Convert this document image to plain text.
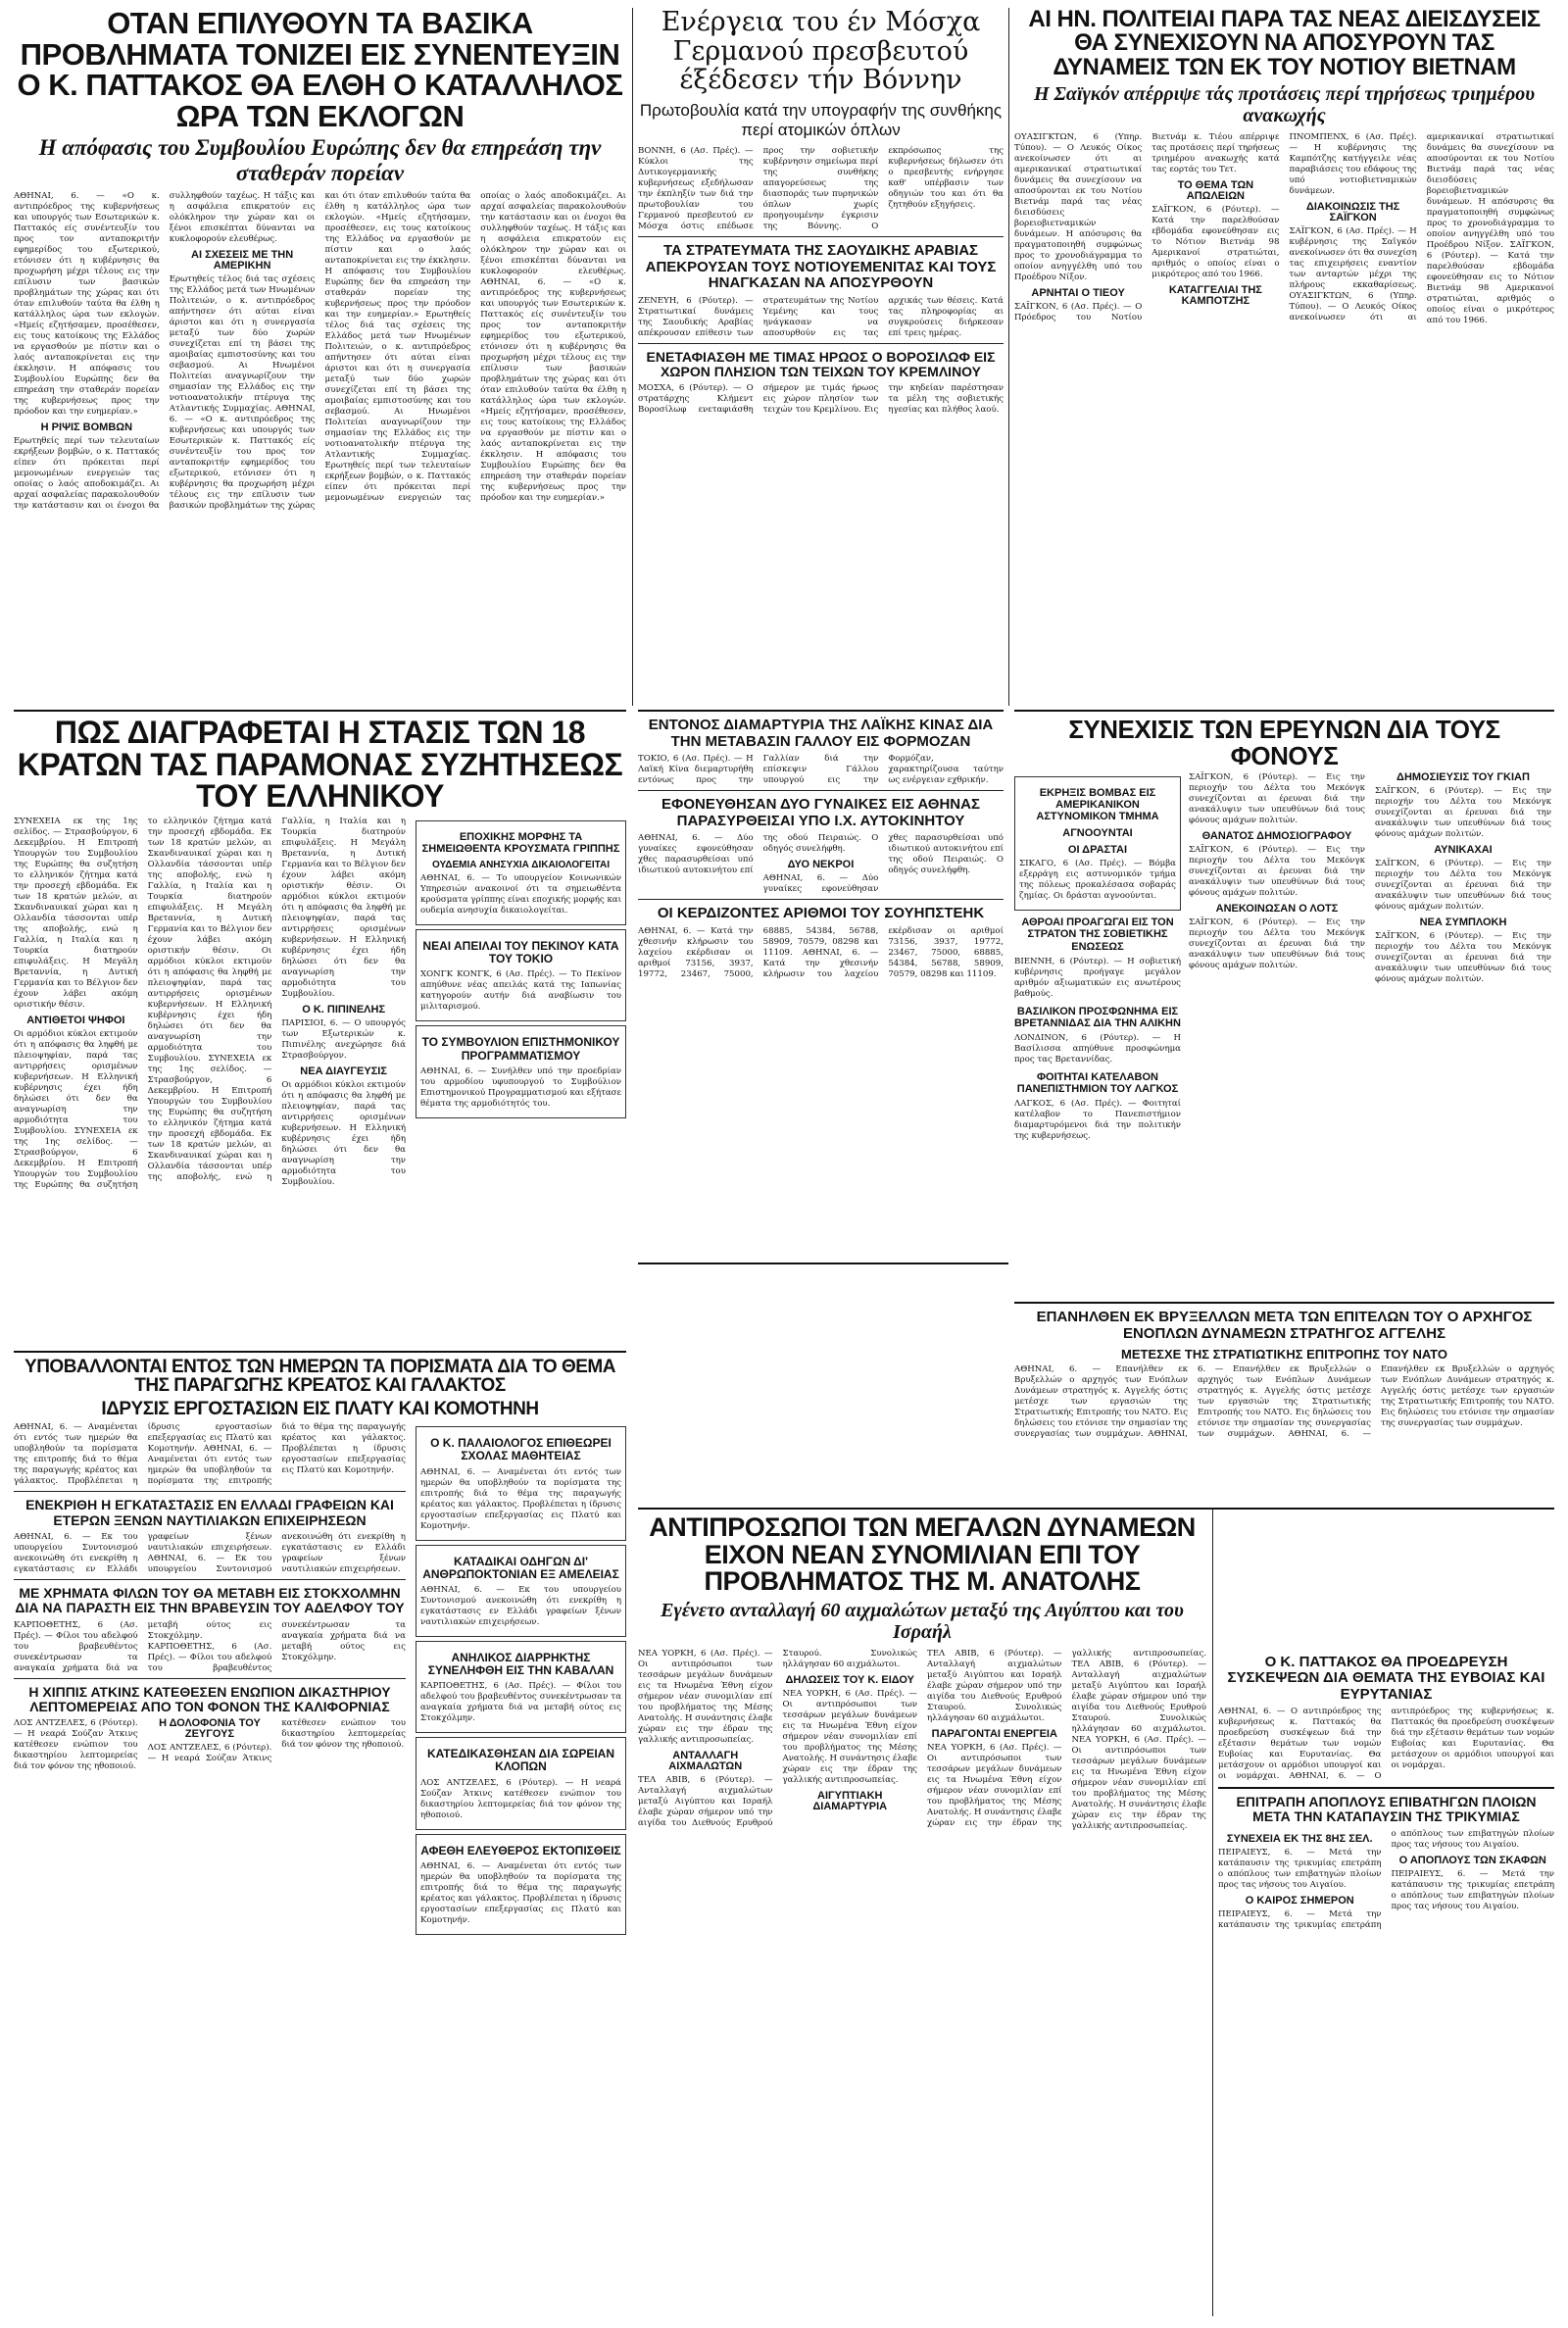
ΟΤΑΝ ΕΠΙΛΥΘΟΥΝ ΤΑ ΒΑΣΙΚΑ ΠΡΟΒΛΗΜΑΤΑ ΤΟΝΙΖΕΙ ΕΙΣ ΣΥΝΕΝΤΕΥΞΙΝ Ο Κ. ΠΑΤΤΑΚΟΣ ΘΑ ΕΛΘΗ Ο ΚΑΤΑΛΛΗΛΟΣ ΩΡΑ ΤΩΝ ΕΚΛΟΓΩΝ
Η απόφασις του Συμβουλίου Ευρώπης δεν θα επηρεάση την σταθεράν πορείαν
ΑΘΗΝΑΙ, 6. — «Ο κ. αντιπρόεδρος της κυβερνήσεως και υπουργός των Εσωτερικών κ. Παττακός είς συνέντευξίν του προς τον ανταποκριτήν εφημερίδος του εξωτερικού, ετόνισεν ότι η κυβέρνησις θα προχωρήση μέχρι τέλους εις την επίλυσιν των βασικών προβλημάτων της χώρας και ότι όταν επιλυθούν ταύτα θα έλθη η κατάλληλος ώρα των εκλογών. «Ημείς εζητήσαμεν, προσέθεσεν, εις τους κατοίκους της Ελλάδος να εργασθούν με πίστιν και ο λαός ανταποκρίνεται εις την έκκλησιν. Η απόφασις του Συμβουλίου Ευρώπης δεν θα επηρεάση την σταθεράν πορείαν της κυβερνήσεως προς την πρόοδον και την ευημερίαν.»
Η ΡΙΨΙΣ ΒΟΜΒΩΝ
Ερωτηθείς περί των τελευταίων εκρήξεων βομβών, ο κ. Παττακός είπεν ότι πρόκειται περί μεμονωμένων ενεργειών τας οποίας ο λαός αποδοκιμάζει. Αι αρχαί ασφαλείας παρακολουθούν την κατάστασιν και οι ένοχοι θα συλληφθούν ταχέως. Η τάξις και η ασφάλεια επικρατούν εις ολόκληρον την χώραν και οι ξένοι επισκέπται δύνανται να κυκλοφορούν ελευθέρως.
ΑΙ ΣΧΕΣΕΙΣ ΜΕ ΤΗΝ ΑΜΕΡΙΚΗΝ
Ερωτηθείς τέλος διά τας σχέσεις της Ελλάδος μετά των Ηνωμένων Πολιτειών, ο κ. αντιπρόεδρος απήντησεν ότι αύται είναι άριστοι και ότι η συνεργασία μεταξύ των δύο χωρών συνεχίζεται επί τη βάσει της αμοιβαίας εμπιστοσύνης και του σεβασμού. Αι Ηνωμένοι Πολιτείαι αναγνωρίζουν την σημασίαν της Ελλάδος εις την νοτιοανατολικήν πτέρυγα της Ατλαντικής Συμμαχίας. ΑΘΗΝΑΙ, 6. — «Ο κ. αντιπρόεδρος της κυβερνήσεως και υπουργός των Εσωτερικών κ. Παττακός είς συνέντευξίν του προς τον ανταποκριτήν εφημερίδος του εξωτερικού, ετόνισεν ότι η κυβέρνησις θα προχωρήση μέχρι τέλους εις την επίλυσιν των βασικών προβλημάτων της χώρας και ότι όταν επιλυθούν ταύτα θα έλθη η κατάλληλος ώρα των εκλογών. «Ημείς εζητήσαμεν, προσέθεσεν, εις τους κατοίκους της Ελλάδος να εργασθούν με πίστιν και ο λαός ανταποκρίνεται εις την έκκλησιν. Η απόφασις του Συμβουλίου Ευρώπης δεν θα επηρεάση την σταθεράν πορείαν της κυβερνήσεως προς την πρόοδον και την ευημερίαν.» Ερωτηθείς τέλος διά τας σχέσεις της Ελλάδος μετά των Ηνωμένων Πολιτειών, ο κ. αντιπρόεδρος απήντησεν ότι αύται είναι άριστοι και ότι η συνεργασία μεταξύ των δύο χωρών συνεχίζεται επί τη βάσει της αμοιβαίας εμπιστοσύνης και του σεβασμού. Αι Ηνωμένοι Πολιτείαι αναγνωρίζουν την σημασίαν της Ελλάδος εις την νοτιοανατολικήν πτέρυγα της Ατλαντικής Συμμαχίας. Ερωτηθείς περί των τελευταίων εκρήξεων βομβών, ο κ. Παττακός είπεν ότι πρόκειται περί μεμονωμένων ενεργειών τας οποίας ο λαός αποδοκιμάζει. Αι αρχαί ασφαλείας παρακολουθούν την κατάστασιν και οι ένοχοι θα συλληφθούν ταχέως. Η τάξις και η ασφάλεια επικρατούν εις ολόκληρον την χώραν και οι ξένοι επισκέπται δύνανται να κυκλοφορούν ελευθέρως. ΑΘΗΝΑΙ, 6. — «Ο κ. αντιπρόεδρος της κυβερνήσεως και υπουργός των Εσωτερικών κ. Παττακός είς συνέντευξίν του προς τον ανταποκριτήν εφημερίδος του εξωτερικού, ετόνισεν ότι η κυβέρνησις θα προχωρήση μέχρι τέλους εις την επίλυσιν των βασικών προβλημάτων της χώρας και ότι όταν επιλυθούν ταύτα θα έλθη η κατάλληλος ώρα των εκλογών. «Ημείς εζητήσαμεν, προσέθεσεν, εις τους κατοίκους της Ελλάδος να εργασθούν με πίστιν και ο λαός ανταποκρίνεται εις την έκκλησιν. Η απόφασις του Συμβουλίου Ευρώπης δεν θα επηρεάση την σταθεράν πορείαν της κυβερνήσεως προς την πρόοδον και την ευημερίαν.»
Ενέργεια του έν Μόσχα Γερμανού πρεσβευτού έξέδεσεν τήν Βόννην
Πρωτοβουλία κατά την υπογραφήν της συνθήκης περί ατομικών όπλων
ΒΟΝΝΗ, 6 (Ασ. Πρές). — Κύκλοι της Δυτικογερμανικής κυβερνήσεως εξεδήλωσαν την έκπληξίν των διά την πρωτοβουλίαν του Γερμανού πρεσβευτού εν Μόσχα όστις επέδωσε προς την σοβιετικήν κυβέρνησιν σημείωμα περί της συνθήκης απαγορεύσεως της διασποράς των πυρηνικών όπλων χωρίς προηγουμένην έγκρισιν της Βόννης. Ο εκπρόσωπος της κυβερνήσεως δήλωσεν ότι ο πρεσβευτής ενήργησε καθ' υπέρβασιν των οδηγιών του και ότι θα ζητηθούν εξηγήσεις.
ΤΑ ΣΤΡΑΤΕΥΜΑΤΑ ΤΗΣ ΣΑΟΥΔΙΚΗΣ ΑΡΑΒΙΑΣ ΑΠΕΚΡΟΥΣΑΝ ΤΟΥΣ ΝΟΤΙΟΥΕΜΕΝΙΤΑΣ ΚΑΙ ΤΟΥΣ ΗΝΑΓΚΑΣΑΝ ΝΑ ΑΠΟΣΥΡΘΟΥΝ
ΖΕΝΕΥΗ, 6 (Ρόυτερ). — Στρατιωτικαί δυνάμεις της Σαουδικής Αραβίας απέκρουσαν επίθεσιν των στρατευμάτων της Νοτίου Υεμένης και τους ηνάγκασαν να αποσυρθούν εις τας αρχικάς των θέσεις. Κατά τας πληροφορίας αι συγκρούσεις διήρκεσαν επί τρεις ημέρας.
ΕΝΕΤΑΦΙΑΣΘΗ ΜΕ ΤΙΜΑΣ ΗΡΩΟΣ Ο ΒΟΡΟΣΙΛΩΦ ΕΙΣ ΧΩΡΟΝ ΠΛΗΣΙΟΝ ΤΩΝ ΤΕΙΧΩΝ ΤΟΥ ΚΡΕΜΛΙΝΟΥ
ΜΟΣΧΑ, 6 (Ρόυτερ). — Ο στρατάρχης Κλήμεντ Βοροσίλωφ ενεταφιάσθη σήμερον με τιμάς ήρωος εις χώρον πλησίον των τειχών του Κρεμλίνου. Εις την κηδείαν παρέστησαν τα μέλη της σοβιετικής ηγεσίας και πλήθος λαού.
ΑΙ ΗΝ. ΠΟΛΙΤΕΙΑΙ ΠΑΡΑ ΤΑΣ ΝΕΑΣ ΔΙΕΙΣΔΥΣΕΙΣ ΘΑ ΣΥΝΕΧΙΣΟΥΝ ΝΑ ΑΠΟΣΥΡΟΥΝ ΤΑΣ ΔΥΝΑΜΕΙΣ ΤΩΝ ΕΚ ΤΟΥ ΝΟΤΙΟΥ ΒΙΕΤΝΑΜ
Η Σαϊγκόν απέρριψε τάς προτάσεις περί τηρήσεως τριημέρου ανακωχής
ΟΥΑΣΙΓΚΤΩΝ, 6 (Υπηρ. Τύπου). — Ο Λευκός Οίκος ανεκοίνωσεν ότι αι αμερικανικαί στρατιωτικαί δυνάμεις θα συνεχίσουν να αποσύρονται εκ του Νοτίου Βιετνάμ παρά τας νέας διεισδύσεις βορειοβιετναμικών δυνάμεων. Η απόσυρσις θα πραγματοποιηθή συμφώνως προς το χρονοδιάγραμμα το οποίον ανηγγέλθη υπό του Προέδρου Νίξον.
ΑΡΝΗΤΑΙ Ο ΤΙΕΟΥ
ΣΑΪΓΚΟΝ, 6 (Ασ. Πρές). — Ο Πρόεδρος του Νοτίου Βιετνάμ κ. Τιέου απέρριψε τας προτάσεις περί τηρήσεως τριημέρου ανακωχής κατά τας εορτάς του Τετ.
ΤΟ ΘΕΜΑ ΤΩΝ ΑΠΩΛΕΙΩΝ
ΣΑΪΓΚΟΝ, 6 (Ρόυτερ). — Κατά την παρελθούσαν εβδομάδα εφονεύθησαν εις το Νότιον Βιετνάμ 98 Αμερικανοί στρατιώται, αριθμός ο οποίος είναι ο μικρότερος από του 1966.
ΚΑΤΑΓΓΕΛΙΑΙ ΤΗΣ ΚΑΜΠΟΤΖΗΣ
ΠΝΟΜΠΕΝΧ, 6 (Ασ. Πρές). — Η κυβέρνησις της Καμπότζης κατήγγειλε νέας παραβιάσεις του εδάφους της υπό νοτιοβιετναμικών δυνάμεων.
ΔΙΑΚΟΙΝΩΣΙΣ ΤΗΣ ΣΑΪΓΚΟΝ
ΣΑΪΓΚΟΝ, 6 (Ασ. Πρές). — Η κυβέρνησις της Σαϊγκόν ανεκοίνωσεν ότι θα συνεχίση τας επιχειρήσεις εναντίον των ανταρτών μέχρι της πλήρους εκκαθαρίσεως. ΟΥΑΣΙΓΚΤΩΝ, 6 (Υπηρ. Τύπου). — Ο Λευκός Οίκος ανεκοίνωσεν ότι αι αμερικανικαί στρατιωτικαί δυνάμεις θα συνεχίσουν να αποσύρονται εκ του Νοτίου Βιετνάμ παρά τας νέας διεισδύσεις βορειοβιετναμικών δυνάμεων. Η απόσυρσις θα πραγματοποιηθή συμφώνως προς το χρονοδιάγραμμα το οποίον ανηγγέλθη υπό του Προέδρου Νίξον. ΣΑΪΓΚΟΝ, 6 (Ρόυτερ). — Κατά την παρελθούσαν εβδομάδα εφονεύθησαν εις το Νότιον Βιετνάμ 98 Αμερικανοί στρατιώται, αριθμός ο οποίος είναι ο μικρότερος από του 1966.
ΠΩΣ ΔΙΑΓΡΑΦΕΤΑΙ Η ΣΤΑΣΙΣ ΤΩΝ 18 ΚΡΑΤΩΝ ΤΑΣ ΠΑΡΑΜΟΝΑΣ ΣΥΖΗΤΗΣΕΩΣ ΤΟΥ ΕΛΛΗΝΙΚΟΥ
ΣΥΝΕΧΕΙΑ εκ της 1ης σελίδος. — Στρασβούργον, 6 Δεκεμβρίου. Η Επιτροπή Υπουργών του Συμβουλίου της Ευρώπης θα συζητήση το ελληνικόν ζήτημα κατά την προσεχή εβδομάδα. Εκ των 18 κρατών μελών, αι Σκανδιναυικαί χώραι και η Ολλανδία τάσσονται υπέρ της αποβολής, ενώ η Γαλλία, η Ιταλία και η Τουρκία διατηρούν επιφυλάξεις. Η Μεγάλη Βρεταννία, η Δυτική Γερμανία και το Βέλγιον δεν έχουν λάβει ακόμη οριστικήν θέσιν.
ΑΝΤΙΘΕΤΟΙ ΨΗΦΟΙ
Οι αρμόδιοι κύκλοι εκτιμούν ότι η απόφασις θα ληφθή με πλειοψηφίαν, παρά τας αντιρρήσεις ορισμένων κυβερνήσεων. Η Ελληνική κυβέρνησις έχει ήδη δηλώσει ότι δεν θα αναγνωρίση την αρμοδιότητα του Συμβουλίου. ΣΥΝΕΧΕΙΑ εκ της 1ης σελίδος. — Στρασβούργον, 6 Δεκεμβρίου. Η Επιτροπή Υπουργών του Συμβουλίου της Ευρώπης θα συζητήση το ελληνικόν ζήτημα κατά την προσεχή εβδομάδα. Εκ των 18 κρατών μελών, αι Σκανδιναυικαί χώραι και η Ολλανδία τάσσονται υπέρ της αποβολής, ενώ η Γαλλία, η Ιταλία και η Τουρκία διατηρούν επιφυλάξεις. Η Μεγάλη Βρεταννία, η Δυτική Γερμανία και το Βέλγιον δεν έχουν λάβει ακόμη οριστικήν θέσιν.	Οι αρμόδιοι κύκλοι εκτιμούν ότι η απόφασις θα ληφθή με πλειοψηφίαν, παρά τας αντιρρήσεις ορισμένων κυβερνήσεων. Η Ελληνική κυβέρνησις έχει ήδη δηλώσει ότι δεν θα αναγνωρίση την αρμοδιότητα του Συμβουλίου. ΣΥΝΕΧΕΙΑ εκ της 1ης σελίδος. — Στρασβούργον, 6 Δεκεμβρίου. Η Επιτροπή Υπουργών του Συμβουλίου της Ευρώπης θα συζητήση το ελληνικόν ζήτημα κατά την προσεχή εβδομάδα. Εκ των 18 κρατών μελών, αι Σκανδιναυικαί χώραι και η Ολλανδία τάσσονται υπέρ της αποβολής, ενώ η Γαλλία, η Ιταλία και η Τουρκία διατηρούν επιφυλάξεις. Η Μεγάλη Βρεταννία, η Δυτική Γερμανία και το Βέλγιον δεν έχουν λάβει ακόμη οριστικήν θέσιν.	Οι αρμόδιοι κύκλοι εκτιμούν ότι η απόφασις θα ληφθή με πλειοψηφίαν, παρά τας αντιρρήσεις ορισμένων κυβερνήσεων. Η Ελληνική κυβέρνησις έχει ήδη δηλώσει ότι δεν θα αναγνωρίση την αρμοδιότητα του Συμβουλίου.
Ο Κ. ΠΙΠΙΝΕΛΗΣ
ΠΑΡΙΣΙΟΙ, 6. — Ο υπουργός των Εξωτερικών κ. Πιπινέλης ανεχώρησε διά Στρασβούργον.
ΝΕΑ ΔΙΑΥΓΕΥΣΙΣ
Οι αρμόδιοι κύκλοι εκτιμούν ότι η απόφασις θα ληφθή με πλειοψηφίαν, παρά τας αντιρρήσεις ορισμένων κυβερνήσεων. Η Ελληνική κυβέρνησις έχει ήδη δηλώσει ότι δεν θα αναγνωρίση την αρμοδιότητα του Συμβουλίου.
ΕΠΟΧΙΚΗΣ ΜΟΡΦΗΣ ΤΑ ΣΗΜΕΙΩΘΕΝΤΑ ΚΡΟΥΣΜΑΤΑ ΓΡΙΠΠΗΣ
ΟΥΔΕΜΙΑ ΑΝΗΣΥΧΙΑ ΔΙΚΑΙΟΛΟΓΕΙΤΑΙ
ΑΘΗΝΑΙ, 6. — Το υπουργείον Κοινωνικών Υπηρεσιών ανακοινοί ότι τα σημειωθέντα κρούσματα γρίππης είναι εποχικής μορφής και ουδεμία ανησυχία δικαιολογείται.
ΝΕΑΙ ΑΠΕΙΛΑΙ ΤΟΥ ΠΕΚΙΝΟΥ ΚΑΤΑ ΤΟΥ ΤΟΚΙΟ
ΧΟΝΓΚ ΚΟΝΓΚ, 6 (Ασ. Πρές). — Το Πεκίνον απηύθυνε νέας απειλάς κατά της Ιαπωνίας κατηγορούν αυτήν διά αναβίωσιν του μιλιταρισμού.
ΤΟ ΣΥΜΒΟΥΛΙΟΝ ΕΠΙΣΤΗΜΟΝΙΚΟΥ ΠΡΟΓΡΑΜΜΑΤΙΣΜΟΥ
ΑΘΗΝΑΙ, 6. — Συνήλθεν υπό την προεδρίαν του αρμοδίου υφυπουργού το Συμβούλιον Επιστημονικού Προγραμματισμού και εξήτασε θέματα της αρμοδιότητός του.
ΕΝΤΟΝΟΣ ΔΙΑΜΑΡΤΥΡΙΑ ΤΗΣ ΛΑΪΚΗΣ ΚΙΝΑΣ ΔΙΑ ΤΗΝ ΜΕΤΑΒΑΣΙΝ ΓΑΛΛΟΥ ΕΙΣ ΦΟΡΜΟΖΑΝ
ΤΟΚΙΟ, 6 (Ασ. Πρές). — Η Λαϊκή Κίνα διεμαρτυρήθη εντόνως προς την Γαλλίαν διά την επίσκεψιν Γάλλου υπουργού εις την Φορμόζαν, χαρακτηρίζουσα ταύτην ως ενέργειαν εχθρικήν.
ΕΦΟΝΕΥΘΗΣΑΝ ΔΥΟ ΓΥΝΑΙΚΕΣ ΕΙΣ ΑΘΗΝΑΣ ΠΑΡΑΣΥΡΘΕΙΣΑΙ ΥΠΟ Ι.Χ. ΑΥΤΟΚΙΝΗΤΟΥ
ΑΘΗΝΑΙ, 6. — Δύο γυναίκες εφονεύθησαν χθες παρασυρθείσαι υπό ιδιωτικού αυτοκινήτου επί της οδού Πειραιώς. Ο οδηγός συνελήφθη.
ΔΥΟ ΝΕΚΡΟΙ
ΑΘΗΝΑΙ, 6. — Δύο γυναίκες εφονεύθησαν χθες παρασυρθείσαι υπό ιδιωτικού αυτοκινήτου επί της οδού Πειραιώς. Ο οδηγός συνελήφθη.
ΟΙ ΚΕΡΔΙΖΟΝΤΕΣ ΑΡΙΘΜΟΙ ΤΟΥ ΣΟΥΗΠΣΤΕΗΚ
ΑΘΗΝΑΙ, 6. — Κατά την χθεσινήν κλήρωσιν του λαχείου εκέρδισαν οι αριθμοί 73156, 3937, 19772, 23467, 75000, 68885, 54384, 56788, 58909, 70579, 08298 και 11109. ΑΘΗΝΑΙ, 6. — Κατά την χθεσινήν κλήρωσιν του λαχείου εκέρδισαν οι αριθμοί 73156, 3937, 19772, 23467, 75000, 68885, 54384, 56788, 58909, 70579, 08298 και 11109.
ΣΥΝΕΧΙΣΙΣ ΤΩΝ ΕΡΕΥΝΩΝ ΔΙΑ ΤΟΥΣ ΦΟΝΟΥΣ
ΕΚΡΗΞΙΣ ΒΟΜΒΑΣ ΕΙΣ ΑΜΕΡΙΚΑΝΙΚΟΝ ΑΣΤΥΝΟΜΙΚΟΝ ΤΜΗΜΑ
ΑΓΝΟΟΥΝΤΑΙ
ΟΙ ΔΡΑΣΤΑΙ
ΣΙΚΑΓΟ, 6 (Ασ. Πρές). — Βόμβα εξερράγη εις αστυνομικόν τμήμα της πόλεως προκαλέσασα σοβαράς ζημίας. Οι δράσται αγνοούνται.
ΑΘΡΟΑΙ ΠΡΟΑΓΩΓΑΙ ΕΙΣ ΤΟΝ ΣΤΡΑΤΟΝ ΤΗΣ ΣΟΒΙΕΤΙΚΗΣ ΕΝΩΣΕΩΣ
ΒΙΕΝΝΗ, 6 (Ρόυτερ). — Η σοβιετική κυβέρνησις προήγαγε μεγάλον αριθμόν αξιωματικών εις ανωτέρους βαθμούς.
ΒΑΣΙΛΙΚΟΝ ΠΡΟΣΦΩΝΗΜΑ ΕΙΣ ΒΡΕΤΑΝΝΙΔΑΣ ΔΙΑ ΤΗΝ ΑΛΙΚΗΝ
ΛΟΝΔΙΝΟΝ, 6 (Ρόυτερ). — Η Βασίλισσα απηύθυνε προσφώνημα προς τας Βρεταννίδας.
ΦΟΙΤΗΤΑΙ ΚΑΤΕΛΑΒΟΝ ΠΑΝΕΠΙΣΤΗΜΙΟΝ ΤΟΥ ΛΑΓΚΟΣ
ΛΑΓΚΟΣ, 6 (Ασ. Πρές). — Φοιτηταί κατέλαβον το Πανεπιστήμιον διαμαρτυρόμενοι διά την πολιτικήν της κυβερνήσεως.
ΣΑΪΓΚΟΝ, 6 (Ρόυτερ). — Εις την περιοχήν του Δέλτα του Μεκόνγκ συνεχίζονται αι έρευναι διά την ανακάλυψιν των υπευθύνων διά τους φόνους αμάχων πολιτών.
ΘΑΝΑΤΟΣ ΔΗΜΟΣΙΟΓΡΑΦΟΥ
ΣΑΪΓΚΟΝ, 6 (Ρόυτερ). — Εις την περιοχήν του Δέλτα του Μεκόνγκ συνεχίζονται αι έρευναι διά την ανακάλυψιν των υπευθύνων διά τους φόνους αμάχων πολιτών.
ΑΝΕΚΟΙΝΩΣΑΝ Ο ΛΟΤΣ
ΣΑΪΓΚΟΝ, 6 (Ρόυτερ). — Εις την περιοχήν του Δέλτα του Μεκόνγκ συνεχίζονται αι έρευναι διά την ανακάλυψιν των υπευθύνων διά τους φόνους αμάχων πολιτών.
ΔΗΜΟΣΙΕΥΣΙΣ ΤΟΥ ΓΚΙΑΠ
ΣΑΪΓΚΟΝ, 6 (Ρόυτερ). — Εις την περιοχήν του Δέλτα του Μεκόνγκ συνεχίζονται αι έρευναι διά την ανακάλυψιν των υπευθύνων διά τους φόνους αμάχων πολιτών.
ΑΥΝΙΚΑΧΑΙ
ΣΑΪΓΚΟΝ, 6 (Ρόυτερ). — Εις την περιοχήν του Δέλτα του Μεκόνγκ συνεχίζονται αι έρευναι διά την ανακάλυψιν των υπευθύνων διά τους φόνους αμάχων πολιτών.
ΝΕΑ ΣΥΜΠΛΟΚΗ
ΣΑΪΓΚΟΝ, 6 (Ρόυτερ). — Εις την περιοχήν του Δέλτα του Μεκόνγκ συνεχίζονται αι έρευναι διά την ανακάλυψιν των υπευθύνων διά τους φόνους αμάχων πολιτών.
ΥΠΟΒΑΛΛΟΝΤΑΙ ΕΝΤΟΣ ΤΩΝ ΗΜΕΡΩΝ ΤΑ ΠΟΡΙΣΜΑΤΑ ΔΙΑ ΤΟ ΘΕΜΑ ΤΗΣ ΠΑΡΑΓΩΓΗΣ ΚΡΕΑΤΟΣ ΚΑΙ ΓΑΛΑΚΤΟΣ
ΙΔΡΥΣΙΣ ΕΡΓΟΣΤΑΣΙΩΝ ΕΙΣ ΠΛΑΤΥ ΚΑΙ ΚΟΜΟΤΗΝΗ
ΑΘΗΝΑΙ, 6. — Αναμένεται ότι εντός των ημερών θα υποβληθούν τα πορίσματα της επιτροπής διά το θέμα της παραγωγής κρέατος και γάλακτος. Προβλέπεται η ίδρυσις εργοστασίων επεξεργασίας εις Πλατύ και Κομοτηνήν. ΑΘΗΝΑΙ, 6. — Αναμένεται ότι εντός των ημερών θα υποβληθούν τα πορίσματα της επιτροπής διά το θέμα της παραγωγής κρέατος και γάλακτος. Προβλέπεται η ίδρυσις εργοστασίων επεξεργασίας εις Πλατύ και Κομοτηνήν.
ΕΝΕΚΡΙΘΗ Η ΕΓΚΑΤΑΣΤΑΣΙΣ ΕΝ ΕΛΛΑΔΙ ΓΡΑΦΕΙΩΝ ΚΑΙ ΕΤΕΡΩΝ ΞΕΝΩΝ ΝΑΥΤΙΛΙΑΚΩΝ ΕΠΙΧΕΙΡΗΣΕΩΝ
ΑΘΗΝΑΙ, 6. — Εκ του υπουργείου Συντονισμού ανεκοινώθη ότι ενεκρίθη η εγκατάστασις εν Ελλάδι γραφείων ξένων ναυτιλιακών επιχειρήσεων. ΑΘΗΝΑΙ, 6. — Εκ του υπουργείου Συντονισμού ανεκοινώθη ότι ενεκρίθη η εγκατάστασις εν Ελλάδι γραφείων ξένων ναυτιλιακών επιχειρήσεων.
ΜΕ ΧΡΗΜΑΤΑ ΦΙΛΩΝ ΤΟΥ ΘΑ ΜΕΤΑΒΗ ΕΙΣ ΣΤΟΚΧΟΛΜΗΝ ΔΙΑ ΝΑ ΠΑΡΑΣΤΗ ΕΙΣ ΤΗΝ ΒΡΑΒΕΥΣΙΝ ΤΟΥ ΑΔΕΛΦΟΥ ΤΟΥ
ΚΑΡΠΟΘΕΤΗΣ, 6 (Ασ. Πρές). — Φίλοι του αδελφού του βραβευθέντος συνεκέντρωσαν τα αναγκαία χρήματα διά να μεταβή ούτος εις Στοκχόλμην. ΚΑΡΠΟΘΕΤΗΣ, 6 (Ασ. Πρές). — Φίλοι του αδελφού του βραβευθέντος συνεκέντρωσαν τα αναγκαία χρήματα διά να μεταβή ούτος εις Στοκχόλμην.
Η ΧΙΠΠΙΣ ΑΤΚΙΝΣ ΚΑΤΕΘΕΣΕΝ ΕΝΩΠΙΟΝ ΔΙΚΑΣΤΗΡΙΟΥ ΛΕΠΤΟΜΕΡΕΙΑΣ ΑΠΟ ΤΟΝ ΦΟΝΟΝ ΤΗΣ ΚΑΛΙΦΟΡΝΙΑΣ
ΛΟΣ ΑΝΤΖΕΛΕΣ, 6 (Ρόυτερ). — Η νεαρά Σούζαν Άτκινς κατέθεσεν ενώπιον του δικαστηρίου λεπτομερείας διά τον φόνον της ηθοποιού.
Η ΔΟΛΟΦΟΝΙΑ ΤΟΥ ΖΕΥΓΟΥΣ
ΛΟΣ ΑΝΤΖΕΛΕΣ, 6 (Ρόυτερ). — Η νεαρά Σούζαν Άτκινς κατέθεσεν ενώπιον του δικαστηρίου λεπτομερείας διά τον φόνον της ηθοποιού.
Ο Κ. ΠΑΛΑΙΟΛΟΓΟΣ ΕΠΙΘΕΩΡΕΙ ΣΧΟΛΑΣ ΜΑΘΗΤΕΙΑΣ
ΑΘΗΝΑΙ, 6. — Αναμένεται ότι εντός των ημερών θα υποβληθούν τα πορίσματα της επιτροπής διά το θέμα της παραγωγής κρέατος και γάλακτος. Προβλέπεται η ίδρυσις εργοστασίων επεξεργασίας εις Πλατύ και Κομοτηνήν.
ΚΑΤΑΔΙΚΑΙ ΟΔΗΓΩΝ ΔΙ' ΑΝΘΡΩΠΟΚΤΟΝΙΑΝ ΕΞ ΑΜΕΛΕΙΑΣ
ΑΘΗΝΑΙ, 6. — Εκ του υπουργείου Συντονισμού ανεκοινώθη ότι ενεκρίθη η εγκατάστασις εν Ελλάδι γραφείων ξένων ναυτιλιακών επιχειρήσεων.
ΑΝΗΛΙΚΟΣ ΔΙΑΡΡΗΚΤΗΣ ΣΥΝΕΛΗΦΘΗ ΕΙΣ ΤΗΝ ΚΑΒΑΛΑΝ
ΚΑΡΠΟΘΕΤΗΣ, 6 (Ασ. Πρές). — Φίλοι του αδελφού του βραβευθέντος συνεκέντρωσαν τα αναγκαία χρήματα διά να μεταβή ούτος εις Στοκχόλμην.
ΚΑΤΕΔΙΚΑΣΘΗΣΑΝ ΔΙΑ ΣΩΡΕΙΑΝ ΚΛΟΠΩΝ
ΛΟΣ ΑΝΤΖΕΛΕΣ, 6 (Ρόυτερ). — Η νεαρά Σούζαν Άτκινς κατέθεσεν ενώπιον του δικαστηρίου λεπτομερείας διά τον φόνον της ηθοποιού.
ΑΦΕΘΗ ΕΛΕΥΘΕΡΟΣ ΕΚΤΟΠΙΣΘΕΙΣ
ΑΘΗΝΑΙ, 6. — Αναμένεται ότι εντός των ημερών θα υποβληθούν τα πορίσματα της επιτροπής διά το θέμα της παραγωγής κρέατος και γάλακτος. Προβλέπεται η ίδρυσις εργοστασίων επεξεργασίας εις Πλατύ και Κομοτηνήν.
ΕΠΑΝΗΛΘΕΝ ΕΚ ΒΡΥΞΕΛΛΩΝ ΜΕΤΑ ΤΩΝ ΕΠΙΤΕΛΩΝ ΤΟΥ Ο ΑΡΧΗΓΟΣ ΕΝΟΠΛΩΝ ΔΥΝΑΜΕΩΝ ΣΤΡΑΤΗΓΟΣ ΑΓΓΕΛΗΣ
ΜΕΤΕΣΧΕ ΤΗΣ ΣΤΡΑΤΙΩΤΙΚΗΣ ΕΠΙΤΡΟΠΗΣ ΤΟΥ ΝΑΤΟ
ΑΘΗΝΑΙ, 6. — Επανήλθεν εκ Βρυξελλών ο αρχηγός των Ενόπλων Δυνάμεων στρατηγός κ. Αγγελής όστις μετέσχε των εργασιών της Στρατιωτικής Επιτροπής του ΝΑΤΟ. Εις δηλώσεις του ετόνισε την σημασίαν της συνεργασίας των συμμάχων. ΑΘΗΝΑΙ, 6. — Επανήλθεν εκ Βρυξελλών ο αρχηγός των Ενόπλων Δυνάμεων στρατηγός κ. Αγγελής όστις μετέσχε των εργασιών της Στρατιωτικής Επιτροπής του ΝΑΤΟ. Εις δηλώσεις του ετόνισε την σημασίαν της συνεργασίας των συμμάχων. ΑΘΗΝΑΙ, 6. — Επανήλθεν εκ Βρυξελλών ο αρχηγός των Ενόπλων Δυνάμεων στρατηγός κ. Αγγελής όστις μετέσχε των εργασιών της Στρατιωτικής Επιτροπής του ΝΑΤΟ. Εις δηλώσεις του ετόνισε την σημασίαν της συνεργασίας των συμμάχων.
ΑΝΤΙΠΡΟΣΩΠΟΙ ΤΩΝ ΜΕΓΑΛΩΝ ΔΥΝΑΜΕΩΝ ΕΙΧΟΝ ΝΕΑΝ ΣΥΝΟΜΙΛΙΑΝ ΕΠΙ ΤΟΥ ΠΡΟΒΛΗΜΑΤΟΣ ΤΗΣ Μ. ΑΝΑΤΟΛΗΣ
Εγένετο ανταλλαγή 60 αιχμαλώτων μεταξύ της Αιγύπτου και του Ισραήλ
ΝΕΑ ΥΟΡΚΗ, 6 (Ασ. Πρές). — Οι αντιπρόσωποι των τεσσάρων μεγάλων δυνάμεων εις τα Ηνωμένα Έθνη είχον σήμερον νέαν συνομιλίαν επί του προβλήματος της Μέσης Ανατολής. Η συνάντησις έλαβε χώραν εις την έδραν της γαλλικής αντιπροσωπείας.
ΑΝΤΑΛΛΑΓΗ ΑΙΧΜΑΛΩΤΩΝ
ΤΕΛ ΑΒΙΒ, 6 (Ρόυτερ). — Ανταλλαγή αιχμαλώτων μεταξύ Αιγύπτου και Ισραήλ έλαβε χώραν σήμερον υπό την αιγίδα του Διεθνούς Ερυθρού Σταυρού. Συνολικώς ηλλάγησαν 60 αιχμάλωτοι.
ΔΗΛΩΣΕΙΣ ΤΟΥ Κ. ΕΙΔΟΥ
ΝΕΑ ΥΟΡΚΗ, 6 (Ασ. Πρές). — Οι αντιπρόσωποι των τεσσάρων μεγάλων δυνάμεων εις τα Ηνωμένα Έθνη είχον σήμερον νέαν συνομιλίαν επί του προβλήματος της Μέσης Ανατολής. Η συνάντησις έλαβε χώραν εις την έδραν της γαλλικής αντιπροσωπείας.
ΑΙΓΥΠΤΙΑΚΗ ΔΙΑΜΑΡΤΥΡΙΑ
ΤΕΛ ΑΒΙΒ, 6 (Ρόυτερ). — Ανταλλαγή αιχμαλώτων μεταξύ Αιγύπτου και Ισραήλ έλαβε χώραν σήμερον υπό την αιγίδα του Διεθνούς Ερυθρού Σταυρού. Συνολικώς ηλλάγησαν 60 αιχμάλωτοι.
ΠΑΡΑΓΟΝΤΑΙ ΕΝΕΡΓΕΙΑ
ΝΕΑ ΥΟΡΚΗ, 6 (Ασ. Πρές). — Οι αντιπρόσωποι των τεσσάρων μεγάλων δυνάμεων εις τα Ηνωμένα Έθνη είχον σήμερον νέαν συνομιλίαν επί του προβλήματος της Μέσης Ανατολής. Η συνάντησις έλαβε χώραν εις την έδραν της γαλλικής αντιπροσωπείας. ΤΕΛ ΑΒΙΒ, 6 (Ρόυτερ). — Ανταλλαγή αιχμαλώτων μεταξύ Αιγύπτου και Ισραήλ έλαβε χώραν σήμερον υπό την αιγίδα του Διεθνούς Ερυθρού Σταυρού. Συνολικώς ηλλάγησαν 60 αιχμάλωτοι. ΝΕΑ ΥΟΡΚΗ, 6 (Ασ. Πρές). — Οι αντιπρόσωποι των τεσσάρων μεγάλων δυνάμεων εις τα Ηνωμένα Έθνη είχον σήμερον νέαν συνομιλίαν επί του προβλήματος της Μέσης Ανατολής. Η συνάντησις έλαβε χώραν εις την έδραν της γαλλικής αντιπροσωπείας.
Ο Κ. ΠΑΤΤΑΚΟΣ ΘΑ ΠΡΟΕΔΡΕΥΣΗ ΣΥΣΚΕΨΕΩΝ ΔΙΑ ΘΕΜΑΤΑ ΤΗΣ ΕΥΒΟΙΑΣ ΚΑΙ ΕΥΡΥΤΑΝΙΑΣ
ΑΘΗΝΑΙ, 6. — Ο αντιπρόεδρος της κυβερνήσεως κ. Παττακός θα προεδρεύση συσκέψεων διά την εξέτασιν θεμάτων των νομών Ευβοίας και Ευρυτανίας. Θα μετάσχουν οι αρμόδιοι υπουργοί και οι νομάρχαι. ΑΘΗΝΑΙ, 6. — Ο αντιπρόεδρος της κυβερνήσεως κ. Παττακός θα προεδρεύση συσκέψεων διά την εξέτασιν θεμάτων των νομών Ευβοίας και Ευρυτανίας. Θα μετάσχουν οι αρμόδιοι υπουργοί και οι νομάρχαι.
ΕΠΙΤΡΑΠΗ ΑΠΟΠΛΟΥΣ ΕΠΙΒΑΤΗΓΩΝ ΠΛΟΙΩΝ ΜΕΤΑ ΤΗΝ ΚΑΤΑΠΑΥΣΙΝ ΤΗΣ ΤΡΙΚΥΜΙΑΣ
ΣΥΝΕΧΕΙΑ ΕΚ ΤΗΣ 8ΗΣ ΣΕΛ.
ΠΕΙΡΑΙΕΥΣ, 6. — Μετά την κατάπαυσιν της τρικυμίας επετράπη ο απόπλους των επιβατηγών πλοίων προς τας νήσους του Αιγαίου.
Ο ΚΑΙΡΟΣ ΣΗΜΕΡΟΝ
ΠΕΙΡΑΙΕΥΣ, 6. — Μετά την κατάπαυσιν της τρικυμίας επετράπη ο απόπλους των επιβατηγών πλοίων προς τας νήσους του Αιγαίου.
Ο ΑΠΟΠΛΟΥΣ ΤΩΝ ΣΚΑΦΩΝ
ΠΕΙΡΑΙΕΥΣ, 6. — Μετά την κατάπαυσιν της τρικυμίας επετράπη ο απόπλους των επιβατηγών πλοίων προς τας νήσους του Αιγαίου.
